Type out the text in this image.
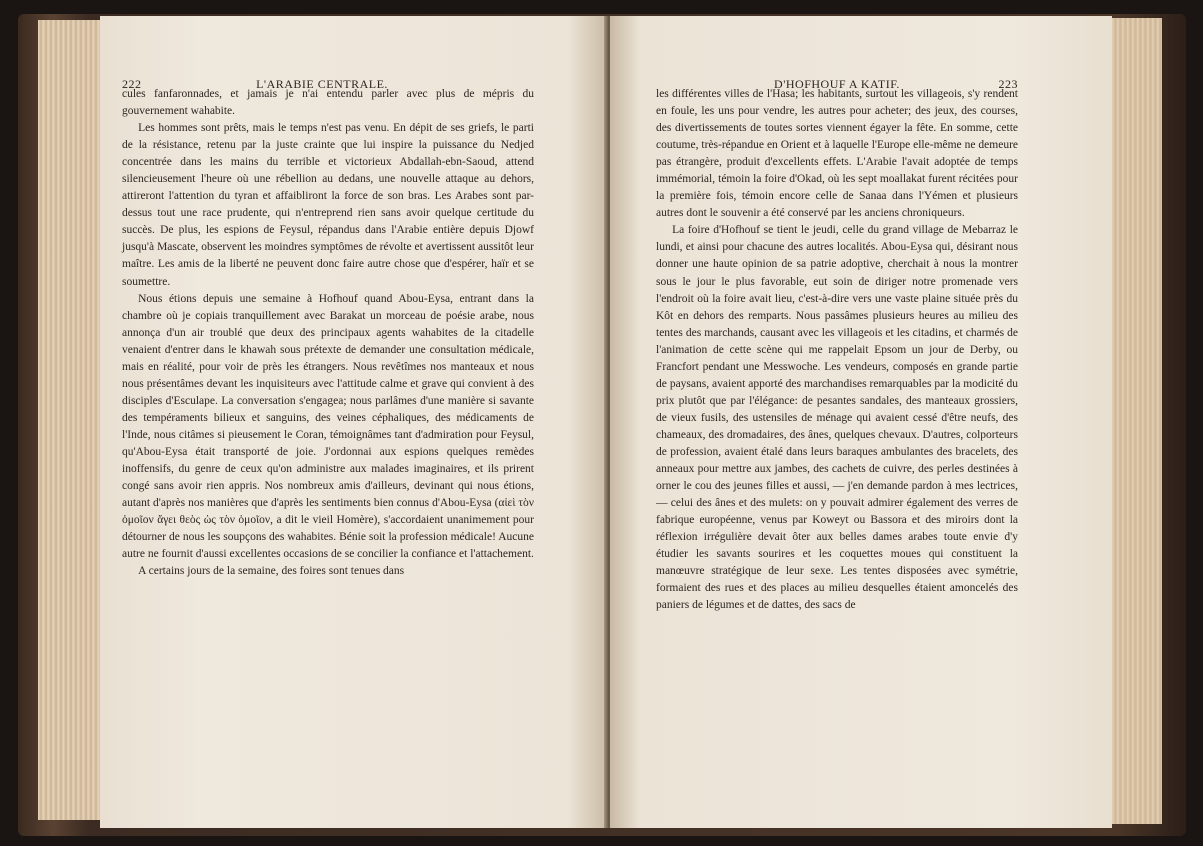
222	L'ARABIE CENTRALE.

cules fanfaronnades, et jamais je n'ai entendu parler avec plus de mépris du gouvernement wahabite.

Les hommes sont prêts, mais le temps n'est pas venu. En dépit de ses griefs, le parti de la résistance, retenu par la juste crainte que lui inspire la puissance du Nedjed concentrée dans les mains du terrible et victorieux Abdallah-ebn-Saoud, attend silencieusement l'heure où une rébellion au dedans, une nouvelle attaque au dehors, attireront l'attention du tyran et affaibliront la force de son bras. Les Arabes sont par-dessus tout une race prudente, qui n'entreprend rien sans avoir quelque certitude du succès. De plus, les espions de Feysul, répandus dans l'Arabie entière depuis Djowf jusqu'à Mascate, observent les moindres symptômes de révolte et avertissent aussitôt leur maître. Les amis de la liberté ne peuvent donc faire autre chose que d'espérer, haïr et se soumettre.

Nous étions depuis une semaine à Hofhouf quand Abou-Eysa, entrant dans la chambre où je copiais tranquillement avec Barakat un morceau de poésie arabe, nous annonça d'un air troublé que deux des principaux agents wahabites de la citadelle venaient d'entrer dans le khawah sous prétexte de demander une consultation médicale, mais en réalité, pour voir de près les étrangers. Nous revêtîmes nos manteaux et nous nous présentâmes devant les inquisiteurs avec l'attitude calme et grave qui convient à des disciples d'Esculape. La conversation s'engagea; nous parlâmes d'une manière si savante des tempéraments bilieux et sanguins, des veines céphaliques, des médicaments de l'Inde, nous citâmes si pieusement le Coran, témoignâmes tant d'admiration pour Feysul, qu'Abou-Eysa était transporté de joie. J'ordonnai aux espions quelques remèdes inoffensifs, du genre de ceux qu'on administre aux malades imaginaires, et ils prirent congé sans avoir rien appris. Nos nombreux amis d'ailleurs, devinant qui nous étions, autant d'après nos manières que d'après les sentiments bien connus d'Abou-Eysa (αἰεὶ τὸν ὁμοῖον ἄγει θεὸς ὡς τὸν ὁμοῖον, a dit le vieil Homère), s'accordaient unanimement pour détourner de nous les soupçons des wahabites. Bénie soit la profession médicale! Aucune autre ne fournit d'aussi excellentes occasions de se concilier la confiance et l'attachement.

A certains jours de la semaine, des foires sont tenues dans

D'HOFHOUF A KATIF.	223

les différentes villes de l'Hasa; les habitants, surtout les villageois, s'y rendent en foule, les uns pour vendre, les autres pour acheter; des jeux, des courses, des divertissements de toutes sortes viennent égayer la fête. En somme, cette coutume, très-répandue en Orient et à laquelle l'Europe elle-même ne demeure pas étrangère, produit d'excellents effets. L'Arabie l'avait adoptée de temps immémorial, témoin la foire d'Okad, où les sept moallakat furent récitées pour la première fois, témoin encore celle de Sanaa dans l'Yémen et plusieurs autres dont le souvenir a été conservé par les anciens chroniqueurs.

La foire d'Hofhouf se tient le jeudi, celle du grand village de Mebarraz le lundi, et ainsi pour chacune des autres localités. Abou-Eysa qui, désirant nous donner une haute opinion de sa patrie adoptive, cherchait à nous la montrer sous le jour le plus favorable, eut soin de diriger notre promenade vers l'endroit où la foire avait lieu, c'est-à-dire vers une vaste plaine située près du Kôt en dehors des remparts. Nous passâmes plusieurs heures au milieu des tentes des marchands, causant avec les villageois et les citadins, et charmés de l'animation de cette scène qui me rappelait Epsom un jour de Derby, ou Francfort pendant une Messwoche. Les vendeurs, composés en grande partie de paysans, avaient apporté des marchandises remarquables par la modicité du prix plutôt que par l'élégance: de pesantes sandales, des manteaux grossiers, de vieux fusils, des ustensiles de ménage qui avaient cessé d'être neufs, des chameaux, des dromadaires, des ânes, quelques chevaux. D'autres, colporteurs de profession, avaient étalé dans leurs baraques ambulantes des bracelets, des anneaux pour mettre aux jambes, des cachets de cuivre, des perles destinées à orner le cou des jeunes filles et aussi, — j'en demande pardon à mes lectrices, — celui des ânes et des mulets: on y pouvait admirer également des verres de fabrique européenne, venus par Koweyt ou Bassora et des miroirs dont la réflexion irrégulière devait ôter aux belles dames arabes toute envie d'y étudier les savants sourires et les coquettes moues qui constituent la manœuvre stratégique de leur sexe. Les tentes disposées avec symétrie, formaient des rues et des places au milieu desquelles étaient amoncelés des paniers de légumes et de dattes, des sacs de
